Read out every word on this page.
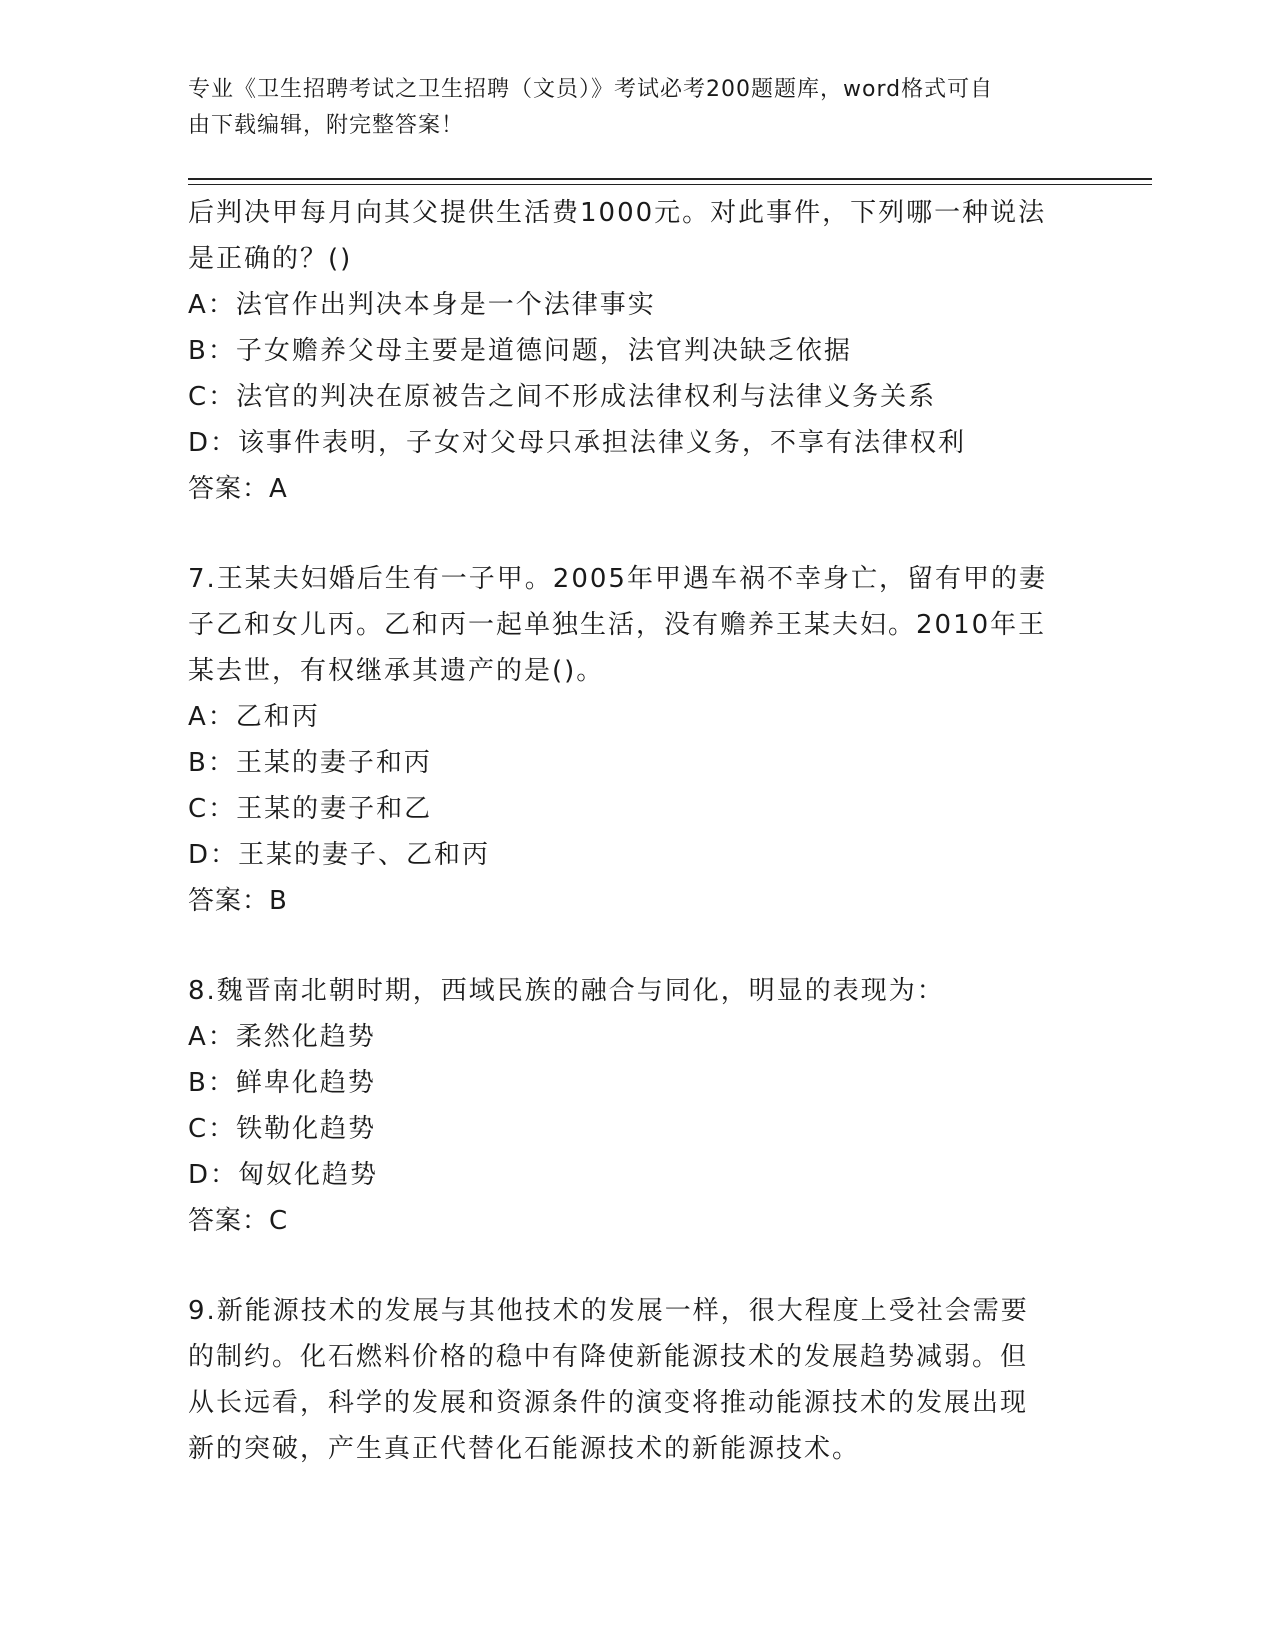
专业《卫生招聘考试之卫生招聘（文员）》考试必考200题题库，word格式可自
由下载编辑，附完整答案！
后判决甲每月向其父提供生活费1000元。对此事件，下列哪一种说法
是正确的？()
A：法官作出判决本身是一个法律事实
B：子女赡养父母主要是道德问题，法官判决缺乏依据
C：法官的判决在原被告之间不形成法律权利与法律义务关系
D：该事件表明，子女对父母只承担法律义务，不享有法律权利
答案：A
7.王某夫妇婚后生有一子甲。2005年甲遇车祸不幸身亡，留有甲的妻
子乙和女儿丙。乙和丙一起单独生活，没有赡养王某夫妇。2010年王
某去世，有权继承其遗产的是()。
A：乙和丙
B：王某的妻子和丙
C：王某的妻子和乙
D：王某的妻子、乙和丙
答案：B
8.魏晋南北朝时期，西域民族的融合与同化，明显的表现为：
A：柔然化趋势
B：鲜卑化趋势
C：铁勒化趋势
D：匈奴化趋势
答案：C
9.新能源技术的发展与其他技术的发展一样，很大程度上受社会需要
的制约。化石燃料价格的稳中有降使新能源技术的发展趋势减弱。但
从长远看，科学的发展和资源条件的演变将推动能源技术的发展出现
新的突破，产生真正代替化石能源技术的新能源技术。
